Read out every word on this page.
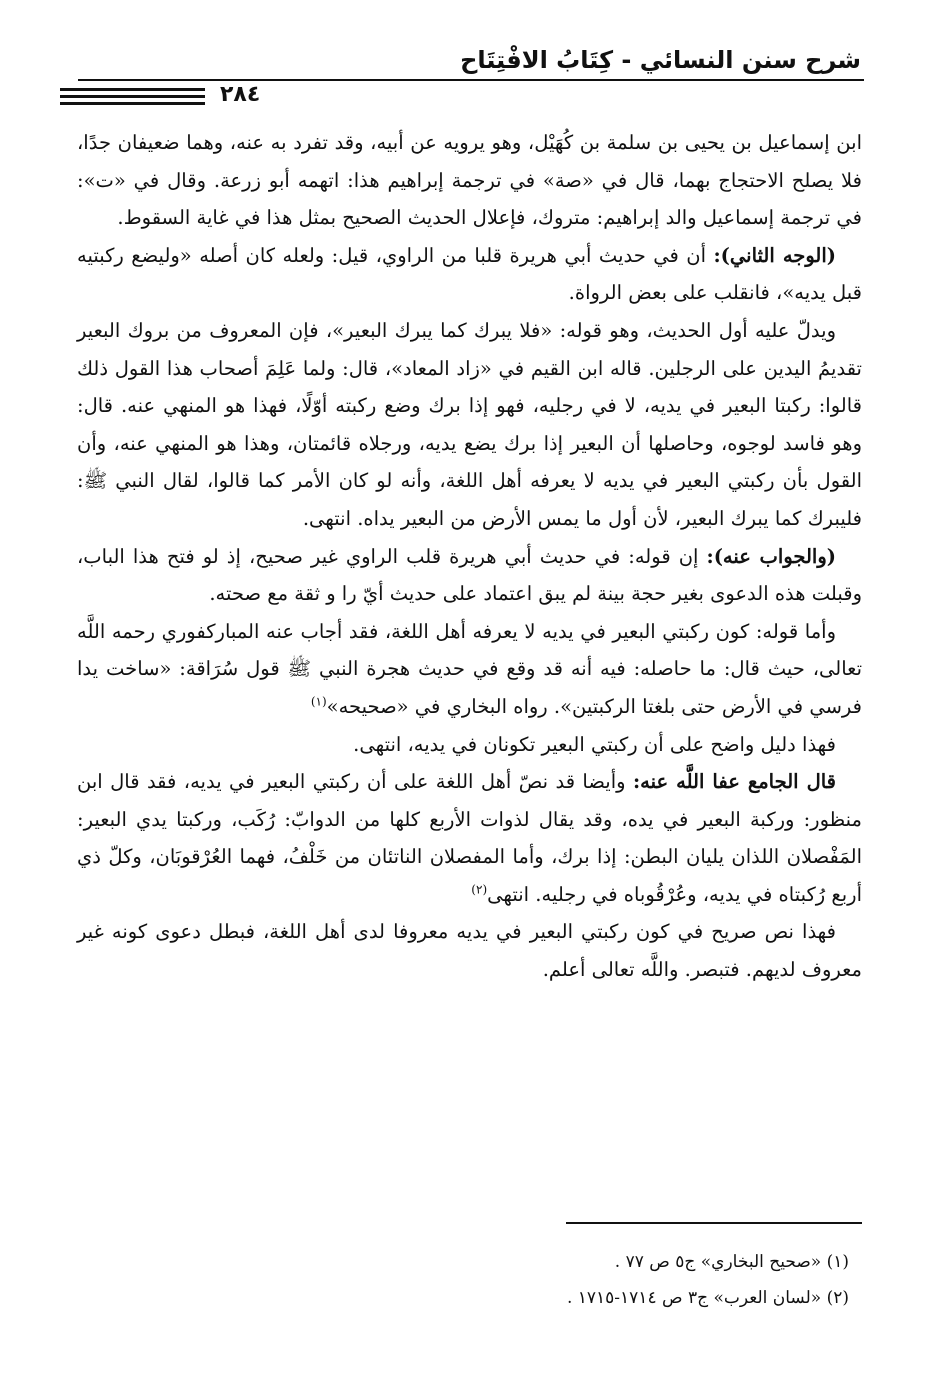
شرح سنن النسائي - كِتَابُ الافْتِتَاح
٢٨٤

ابن إسماعيل بن يحيى بن سلمة بن كُهَيْل، وهو يرويه عن أبيه، وقد تفرد به عنه، وهما ضعيفان جدًا، فلا يصلح الاحتجاج بهما، قال في «صة» في ترجمة إبراهيم هذا: اتهمه أبو زرعة. وقال في «ت»: في ترجمة إسماعيل والد إبراهيم: متروك، فإعلال الحديث الصحيح بمثل هذا في غاية السقوط.

(الوجه الثاني): أن في حديث أبي هريرة قلبا من الراوي، قيل: ولعله كان أصله «وليضع ركبتيه قبل يديه»، فانقلب على بعض الرواة.

ويدلّ عليه أول الحديث، وهو قوله: «فلا يبرك كما يبرك البعير»، فإن المعروف من بروك البعير تقديمُ اليدين على الرجلين. قاله ابن القيم في «زاد المعاد»، قال: ولما عَلِمَ أصحاب هذا القول ذلك قالوا: ركبتا البعير في يديه، لا في رجليه، فهو إذا برك وضع ركبته أوّلًا، فهذا هو المنهي عنه. قال: وهو فاسد لوجوه، وحاصلها أن البعير إذا برك يضع يديه، ورجلاه قائمتان، وهذا هو المنهي عنه، وأن القول بأن ركبتي البعير في يديه لا يعرفه أهل اللغة، وأنه لو كان الأمر كما قالوا، لقال النبي ﷺ: فليبرك كما يبرك البعير، لأن أول ما يمس الأرض من البعير يداه. انتهى.

(والجواب عنه): إن قوله: في حديث أبي هريرة قلب الراوي غير صحيح، إذ لو فتح هذا الباب، وقبلت هذه الدعوى بغير حجة بينة لم يبق اعتماد على حديث أيّ را و ثقة مع صحته.

وأما قوله: كون ركبتي البعير في يديه لا يعرفه أهل اللغة، فقد أجاب عنه المباركفوري رحمه اللَّه تعالى، حيث قال: ما حاصله: فيه أنه قد وقع في حديث هجرة النبي ﷺ قول سُرَاقة: «ساخت يدا فرسي في الأرض حتى بلغتا الركبتين». رواه البخاري في «صحيحه»$^{(١)}$

فهذا دليل واضح على أن ركبتي البعير تكونان في يديه، انتهى.

قال الجامع عفا اللَّه عنه: وأيضا قد نصّ أهل اللغة على أن ركبتي البعير في يديه، فقد قال ابن منظور: وركبة البعير في يده، وقد يقال لذوات الأربع كلها من الدوابّ: رُكَب، وركبتا يدي البعير: المَفْصلان اللذان يليان البطن: إذا برك، وأما المفصلان الناتئان من خَلْفُ، فهما العُرْقوبَان، وكلّ ذي أربع رُكبتاه في يديه، وعُرْقُوباه في رجليه. انتهى$^{(٢)}$

فهذا نص صريح في كون ركبتي البعير في يديه معروفا لدى أهل اللغة، فبطل دعوى كونه غير معروف لديهم. فتبصر. واللَّه تعالى أعلم.

(١) «صحيح البخاري» ج٥ ص ٧٧ .
(٢) «لسان العرب» ج٣ ص ١٧١٤-١٧١٥ .
